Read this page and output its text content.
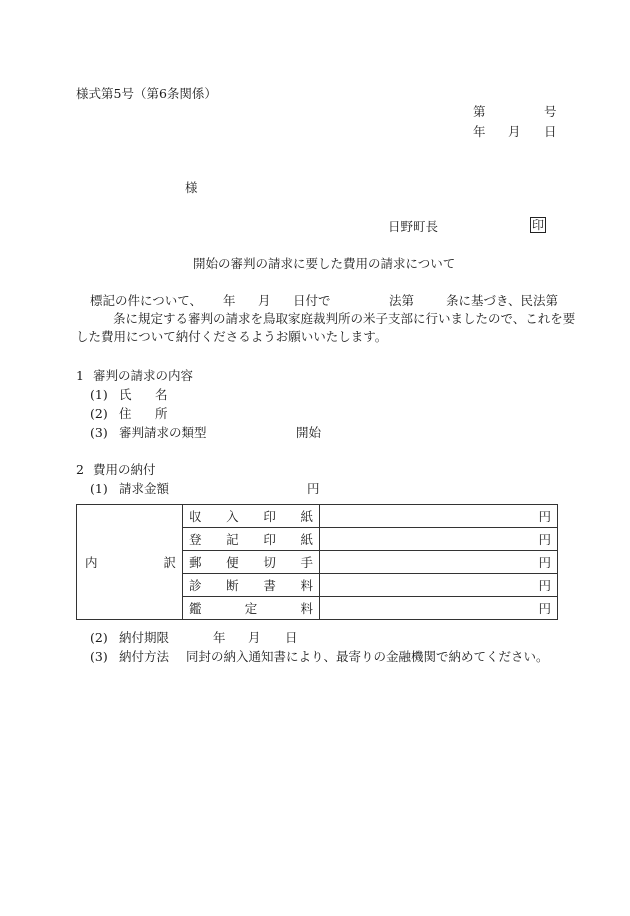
様式第5号（第6条関係）
第	号
年 月 日
様
日野町長	印
開始の審判の請求に要した費用の請求について
標記の件について、 年 月 日付で	法第	条に基づき、民法第
条に規定する審判の請求を鳥取家庭裁判所の米子支部に行いましたので、これを要
した費用について納付くださるようお願いいたします。
1 審判の請求の内容
(1) 氏 名
(2) 住 所
(3) 審判請求の類型	開始
2 費用の納付
(1) 請求金額	円
内 訳	収 入 印 紙	円

	登 記 印 紙	円

	郵 便 切 手	円

	診 断 書 料	円

	鑑 定 料	円
(2) 納付期限	年 月 日
(3) 納付方法 同封の納入通知書により、最寄りの金融機関で納めてください。
